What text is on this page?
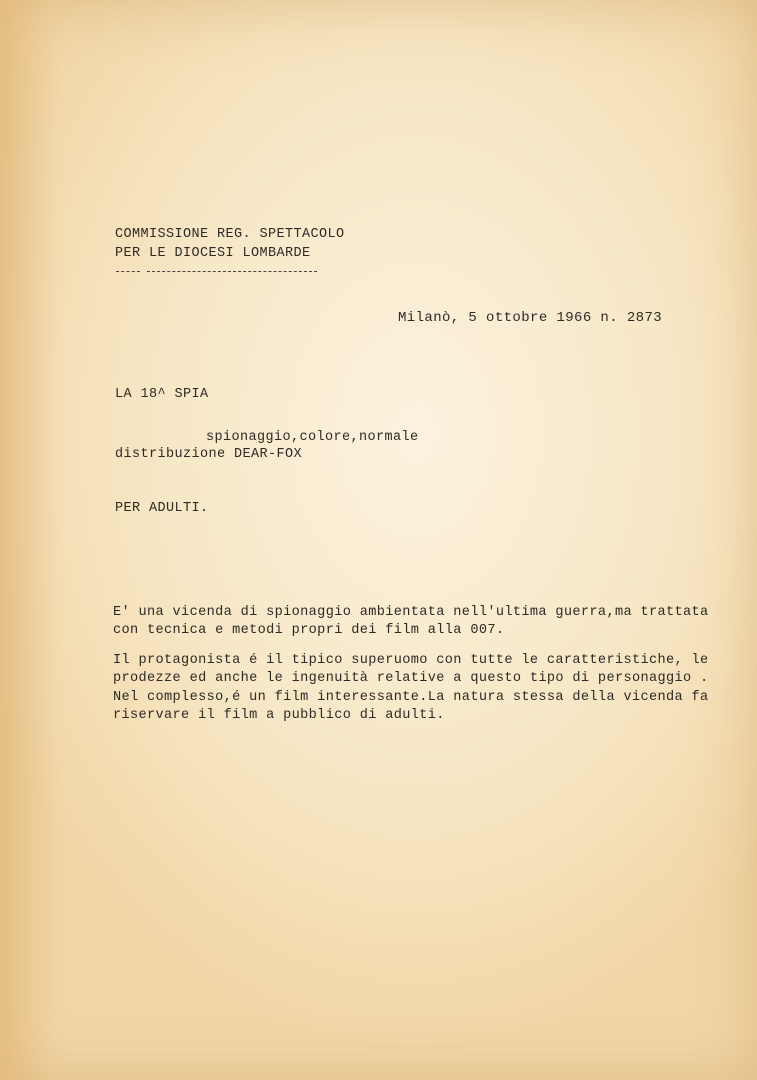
COMMISSIONE REG. SPETTACOLO
PER LE DIOCESI LOMBARDE
Milanò, 5 ottobre 1966 n. 2873
LA 18^ SPIA
spionaggio,colore,normale
distribuzione DEAR-FOX
PER ADULTI.
E' una vicenda di spionaggio ambientata nell'ultima guerra,ma trattata
con tecnica e metodi propri dei film alla 007.
Il protagonista é il tipico superuomo con tutte le caratteristiche, le
prodezze ed anche le ingenuità relative a questo tipo di personaggio .
Nel complesso,é un film interessante.La natura stessa della vicenda fa
riservare il film a pubblico di adulti.
